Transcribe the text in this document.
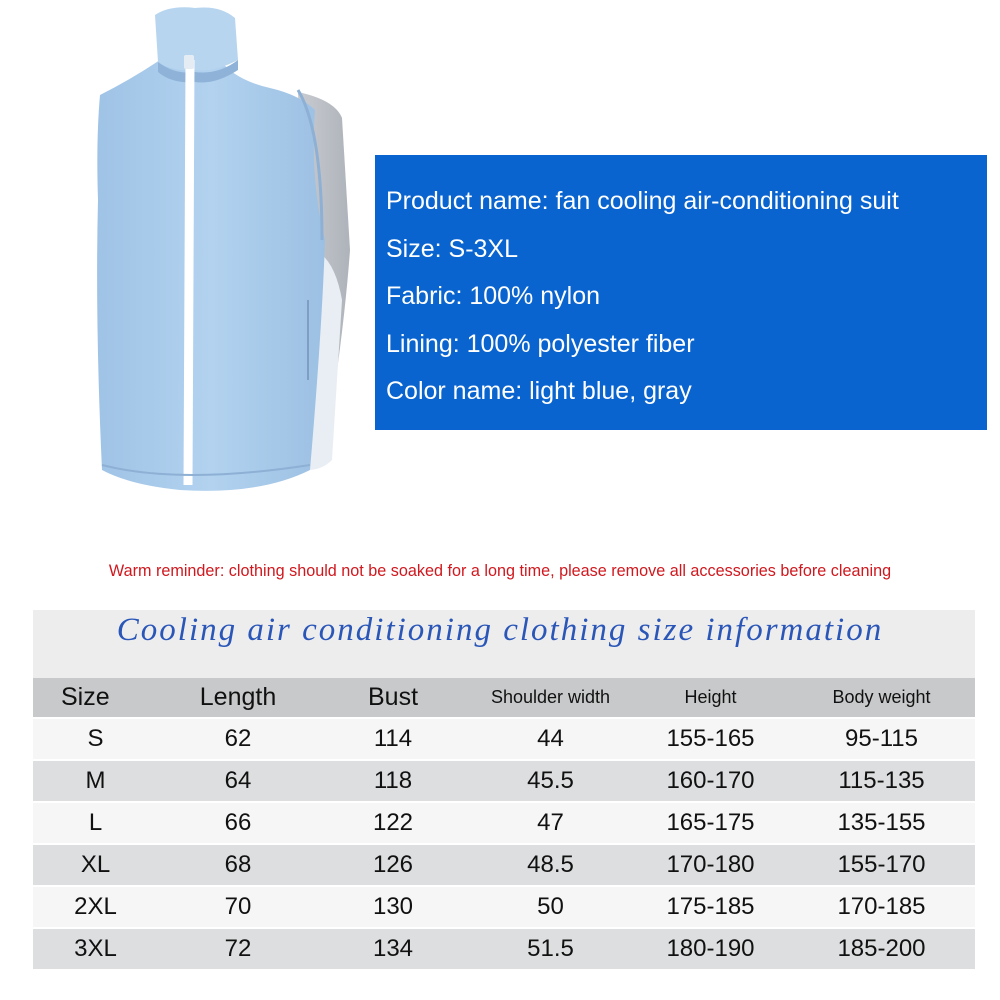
Product name: fan cooling air-conditioning suit
Size: S-3XL
Fabric: 100% nylon
Lining: 100% polyester fiber
Color name: light blue, gray
Warm reminder: clothing should not be soaked for a long time, please remove all accessories before cleaning
Cooling air conditioning clothing size information
Size	Length	Bust	Shoulder width	Height	Body weight
S	62	114	44	155-165	95-115
M	64	118	45.5	160-170	115-135
L	66	122	47	165-175	135-155
XL	68	126	48.5	170-180	155-170
2XL	70	130	50	175-185	170-185
3XL	72	134	51.5	180-190	185-200
